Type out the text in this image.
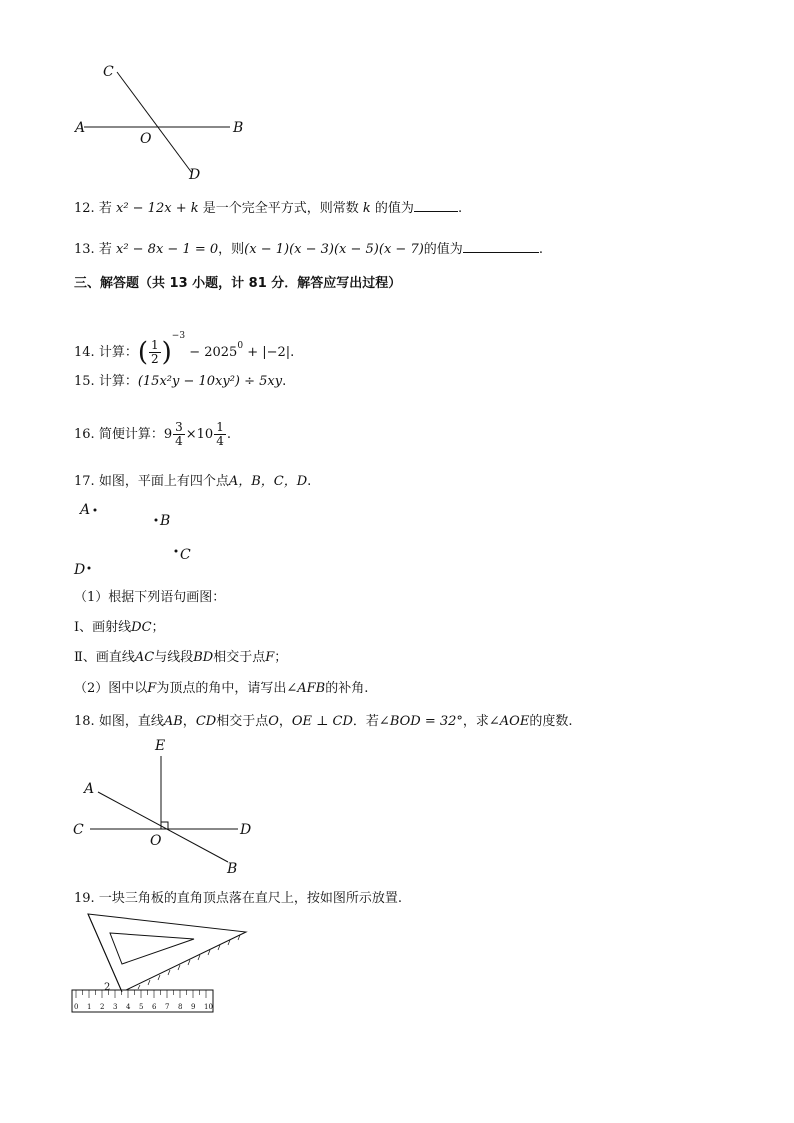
C
A
O
B
D
12. 若 x² − 12x + k 是一个完全平方式，则常数 k 的值为	.
13. 若 x² − 8x − 1 = 0，则(x − 1)(x − 3)(x − 5)(x − 7)的值为	.
三、解答题（共 13 小题，计 81 分．解答应写出过程）
14. 计算：( $\frac{1}{2} )^{-3} - 2025^0 + |-2|$.
15. 计算：(15x²y − 10xy²) ÷ 5xy.
16. 简便计算：$9 \frac{3}{4} \times 10 \frac{1}{4}$ .
17. 如图，平面上有四个点A，B，C，D.
A
B
C
D
（1）根据下列语句画图：
Ⅰ、画射线DC；
Ⅱ、画直线AC与线段BD相交于点F；
（2）图中以F为顶点的角中，请写出∠AFB的补角.
18. 如图，直线AB，CD相交于点O，OE ⊥ CD．若∠BOD = 32°，求∠AOE的度数.
E
A
C
O
D
B
19. 一块三角板的直角顶点落在直尺上，按如图所示放置.
0 1 2 3 4 5 6 7 8 9 10
2
